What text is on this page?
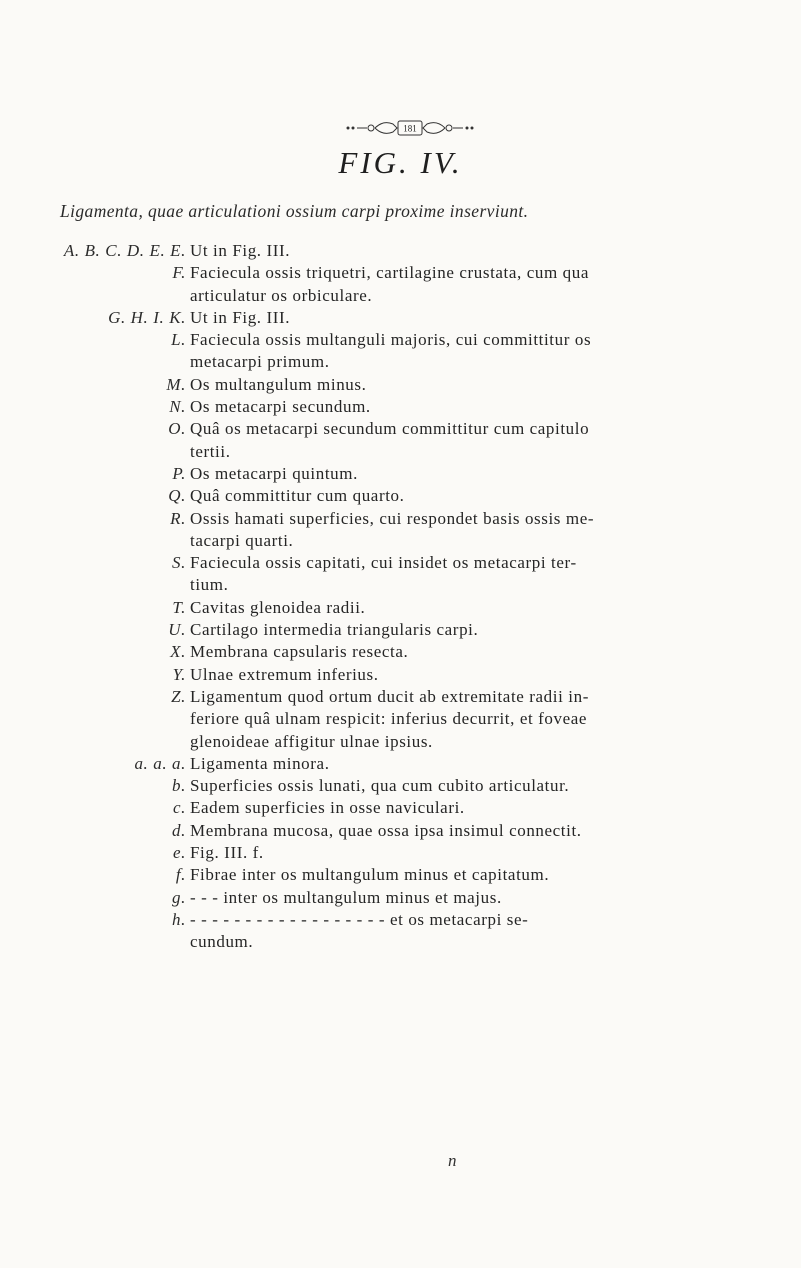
181
FIG. IV.
Ligamenta, quae articulationi ossium carpi proxime inserviunt.
A. B. C. D. E. E. Ut in Fig. III.
F. Faciecula ossis triquetri, cartilagine crustata, cum qua
articulatur os orbiculare.
G. H. I. K. Ut in Fig. III.
L. Faciecula ossis multanguli majoris, cui committitur os
metacarpi primum.
M. Os multangulum minus.
N. Os metacarpi secundum.
O. Quâ os metacarpi secundum committitur cum capitulo
tertii.
P. Os metacarpi quintum.
Q. Quâ committitur cum quarto.
R. Ossis hamati superficies, cui respondet basis ossis me-
tacarpi quarti.
S. Faciecula ossis capitati, cui insidet os metacarpi ter-
tium.
T. Cavitas glenoidea radii.
U. Cartilago intermedia triangularis carpi.
X. Membrana capsularis resecta.
Y. Ulnae extremum inferius.
Z. Ligamentum quod ortum ducit ab extremitate radii in-
feriore quâ ulnam respicit: inferius decurrit, et foveae
glenoideae affigitur ulnae ipsius.
a. a. a. Ligamenta minora.
b. Superficies ossis lunati, qua cum cubito articulatur.
c. Eadem superficies in osse naviculari.
d. Membrana mucosa, quae ossa ipsa insimul connectit.
e. Fig. III. f.
f. Fibrae inter os multangulum minus et capitatum.
g. - - - inter os multangulum minus et majus.
h. - - - - - - - - - - - - - - - - - - et os metacarpi se-
cundum.
n
